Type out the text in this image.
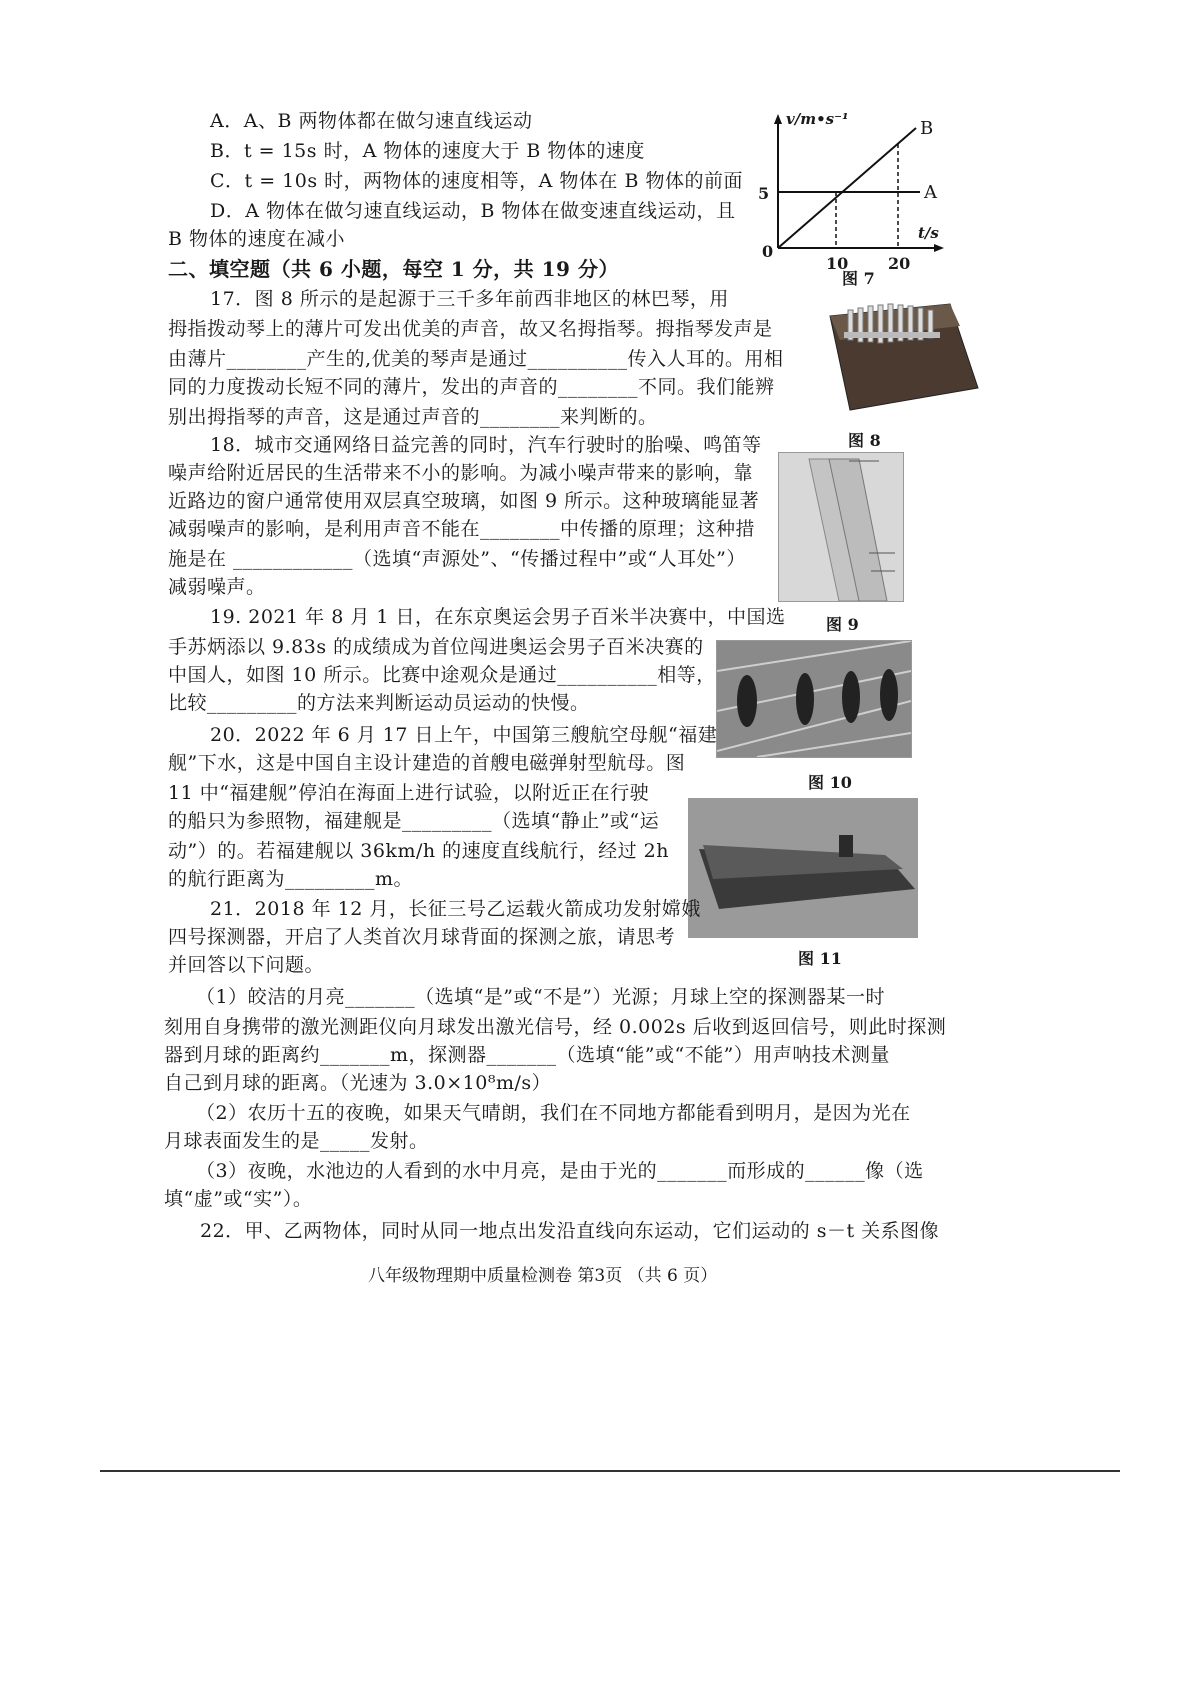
A．A、B 两物体都在做匀速直线运动
B．t = 15s 时，A 物体的速度大于 B 物体的速度
C．t = 10s 时，两物体的速度相等，A 物体在 B 物体的前面
D．A 物体在做匀速直线运动，B 物体在做变速直线运动，且
B 物体的速度在减小
v/m•s⁻¹
t/s
0
5
10 20
A
B
图 7
二、填空题（共 6 小题，每空 1 分，共 19 分）
17．图 8 所示的是起源于三千多年前西非地区的林巴琴，用
拇指拨动琴上的薄片可发出优美的声音，故又名拇指琴。拇指琴发声是
由薄片________产生的,优美的琴声是通过__________传入人耳的。用相
同的力度拨动长短不同的薄片，发出的声音的________不同。我们能辨
别出拇指琴的声音，这是通过声音的________来判断的。
图 8
18．城市交通网络日益完善的同时，汽车行驶时的胎噪、鸣笛等
噪声给附近居民的生活带来不小的影响。为减小噪声带来的影响，靠
近路边的窗户通常使用双层真空玻璃，如图 9 所示。这种玻璃能显著
减弱噪声的影响，是利用声音不能在________中传播的原理；这种措
施是在 ____________（选填“声源处”、“传播过程中”或“人耳处”）
减弱噪声。
图 9
19. 2021 年 8 月 1 日，在东京奥运会男子百米半决赛中，中国选
手苏炳添以 9.83s 的成绩成为首位闯进奥运会男子百米决赛的
中国人，如图 10 所示。比赛中途观众是通过__________相等，
比较_________的方法来判断运动员运动的快慢。
图 10
20．2022 年 6 月 17 日上午，中国第三艘航空母舰“福建
舰”下水，这是中国自主设计建造的首艘电磁弹射型航母。图
11 中“福建舰”停泊在海面上进行试验，以附近正在行驶
的船只为参照物，福建舰是_________（选填“静止”或“运
动”）的。若福建舰以 36km/h 的速度直线航行，经过 2h
的航行距离为_________m。
图 11
21．2018 年 12 月，长征三号乙运载火箭成功发射嫦娥
四号探测器，开启了人类首次月球背面的探测之旅，请思考
并回答以下问题。
（1）皎洁的月亮_______（选填“是”或“不是”）光源；月球上空的探测器某一时
刻用自身携带的激光测距仪向月球发出激光信号，经 0.002s 后收到返回信号，则此时探测
器到月球的距离约_______m，探测器_______（选填“能”或“不能”）用声呐技术测量
自己到月球的距离。（光速为 3.0×10⁸m/s）
（2）农历十五的夜晚，如果天气晴朗，我们在不同地方都能看到明月，是因为光在
月球表面发生的是_____发射。
（3）夜晚，水池边的人看到的水中月亮，是由于光的_______而形成的______像（选
填“虚”或“实”）。
22．甲、乙两物体，同时从同一地点出发沿直线向东运动，它们运动的 s－t 关系图像
八年级物理期中质量检测卷 第3页 （共 6 页）
